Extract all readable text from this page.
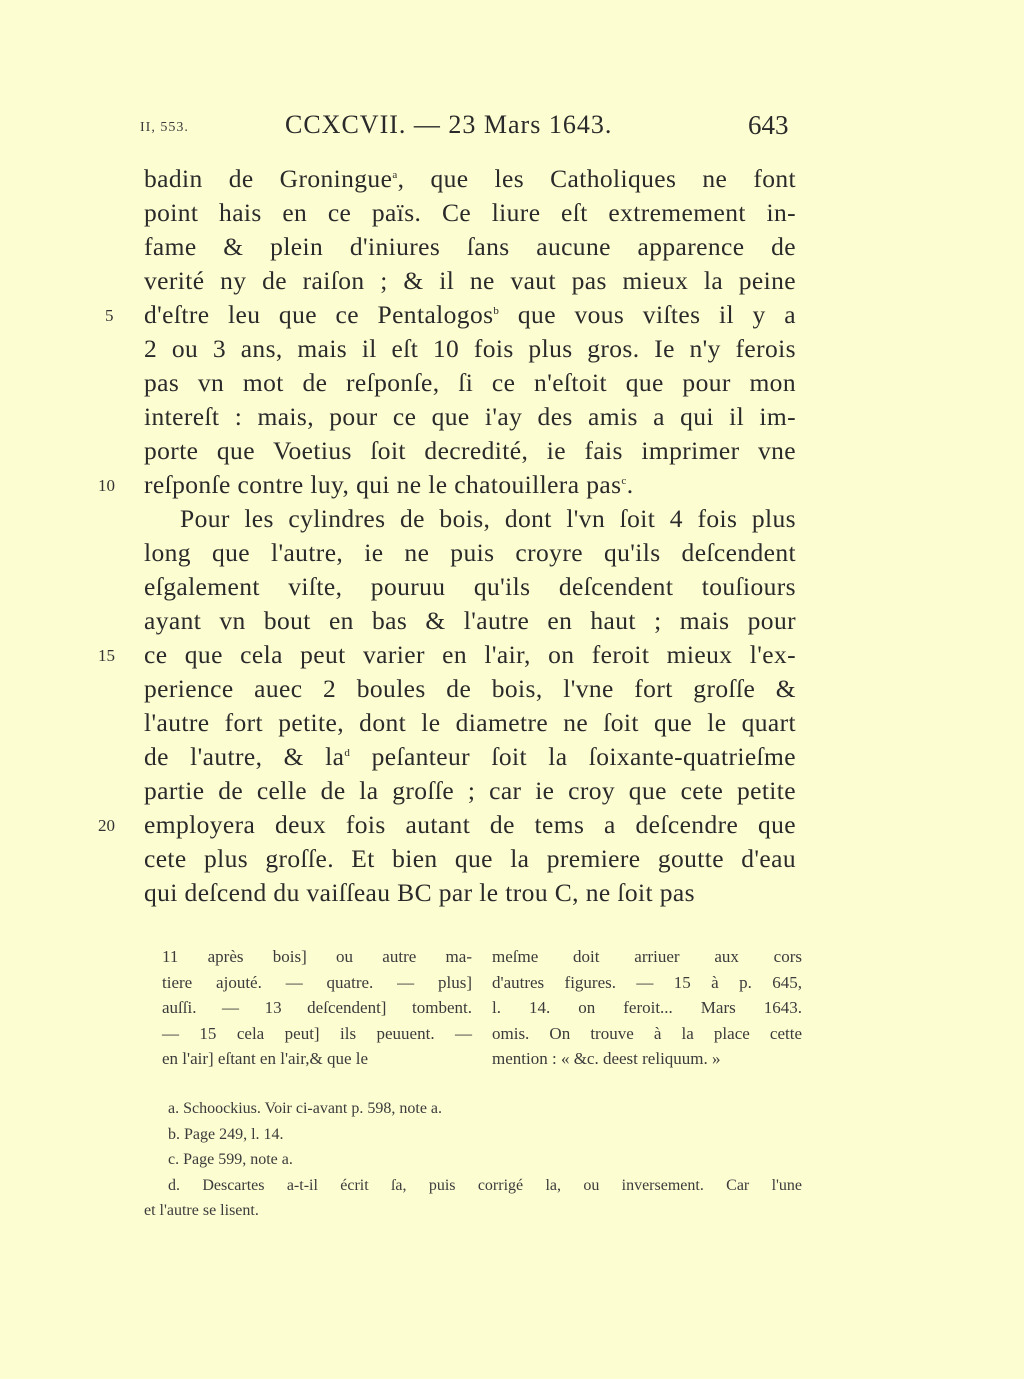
II, 553.	CCXCVII. — 23 Mars 1643.	643
badin de Groningue$^a$, que les Catholiques ne font
point hais en ce païs. Ce liure eſt extremement in-
fame & plein d'iniures ſans aucune apparence de
verité ny de raiſon ; & il ne vaut pas mieux la peine
d'eſtre leu que ce Pentalogos$^b$ que vous viſtes il y a
5
2 ou 3 ans, mais il eſt 10 fois plus gros. Ie n'y ferois
pas vn mot de reſponſe, ſi ce n'eſtoit que pour mon
intereſt : mais, pour ce que i'ay des amis a qui il im-
porte que Voetius ſoit decredité, ie fais imprimer vne
reſponſe contre luy, qui ne le chatouillera pas$^c$.
10
Pour les cylindres de bois, dont l'vn ſoit 4 fois plus
long que l'autre, ie ne puis croyre qu'ils deſcendent
eſgalement viſte, pouruu qu'ils deſcendent touſiours
ayant vn bout en bas & l'autre en haut ; mais pour
ce que cela peut varier en l'air, on feroit mieux l'ex-
15
perience auec 2 boules de bois, l'vne fort groſſe &
l'autre fort petite, dont le diametre ne ſoit que le quart
de l'autre, & $la^d$ peſanteur ſoit la ſoixante-quatrieſme
partie de celle de la groſſe ; car ie croy que cete petite
employera deux fois autant de tems a deſcendre que
20
cete plus groſſe. Et bien que la premiere goutte d'eau
qui deſcend du vaiſſeau BC par le trou C, ne ſoit pas
11 après bois] ou autre ma-
tiere ajouté. — quatre. — plus]
auſſi. — 13 deſcendent] tombent.
— 15 cela peut] ils peuuent. —
en l'air] eſtant en l'air,& que le
meſme doit arriuer aux cors
d'autres figures. — 15 à p. 645,
l. 14. on feroit... Mars 1643.
omis. On trouve à la place cette
mention : « &c. deest reliquum. »
a. Schoockius. Voir ci-avant p. 598, note a.
b. Page 249, l. 14.
c. Page 599, note a.
d. Descartes a-t-il écrit ſa, puis corrigé la, ou inversement. Car l'une
et l'autre se lisent.
